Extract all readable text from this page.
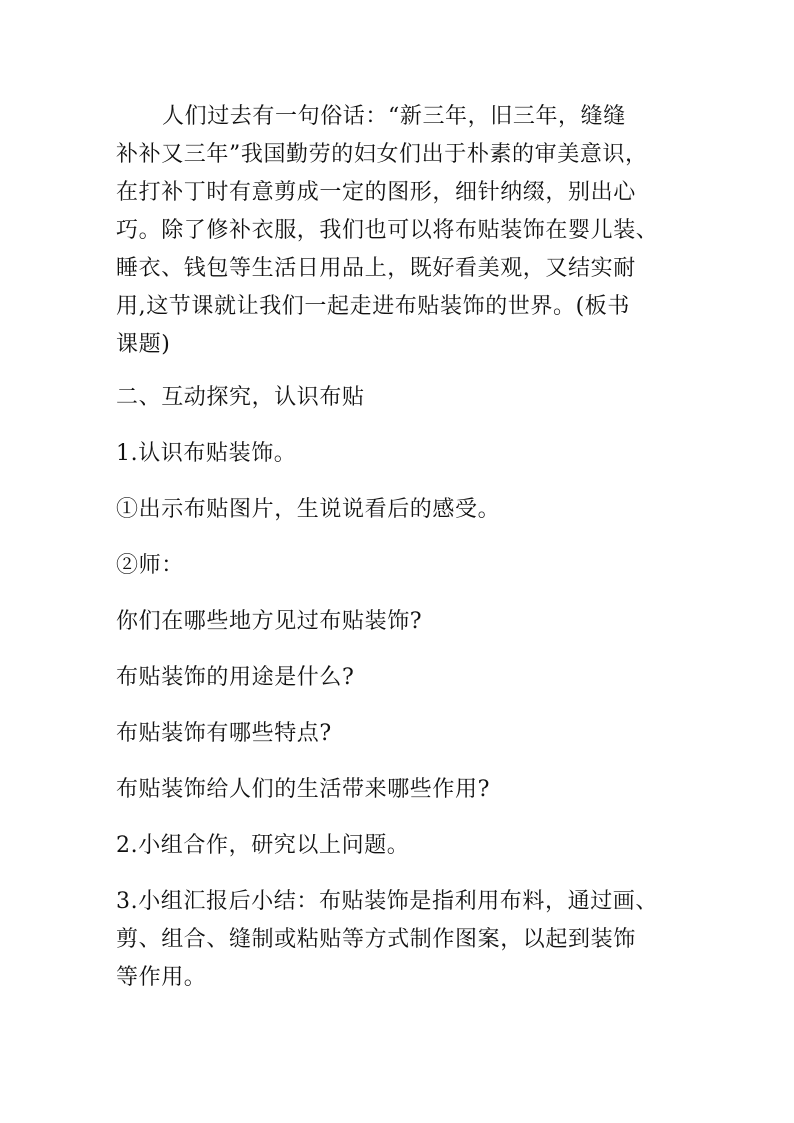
人们过去有一句俗话：“新三年，旧三年，缝缝
补补又三年”我国勤劳的妇女们出于朴素的审美意识，
在打补丁时有意剪成一定的图形，细针纳缀，别出心
巧。除了修补衣服，我们也可以将布贴装饰在婴儿装、
睡衣、钱包等生活日用品上，既好看美观，又结实耐
用,这节课就让我们一起走进布贴装饰的世界。(板书
课题)
二、互动探究，认识布贴
1.认识布贴装饰。
①出示布贴图片，生说说看后的感受。
②师：
你们在哪些地方见过布贴装饰?
布贴装饰的用途是什么?
布贴装饰有哪些特点?
布贴装饰给人们的生活带来哪些作用?
2.小组合作，研究以上问题。
3.小组汇报后小结：布贴装饰是指利用布料，通过画、
剪、组合、缝制或粘贴等方式制作图案，以起到装饰
等作用。
